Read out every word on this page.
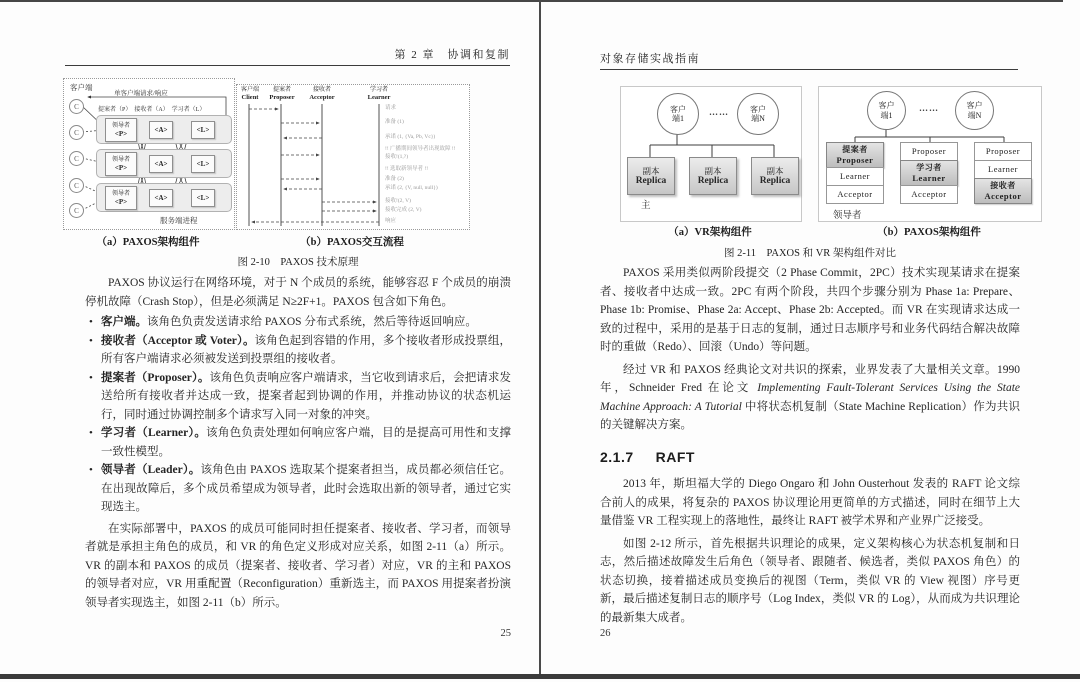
第 2 章　协调和复制
客户端
单客户端请求/响应
提案者（P）　接收者（A）　学习者（L）
C
C
C
C
C
领导者
<P>	<A>	<L>
领导者
<P>	<A>	<L>
领导者
<P>	<A>	<L>
服务端进程
客户端
Client
提案者
Proposer
接收者
Acceptor
学习者
Learner
请求
准备 (1)
承诺 (1, {Va, Pb, Vc})
!! 广播期间领导者出现故障 !!
接收!(1,?)
!! 选取新领导者 !!
准备 (2)
承诺 (2, {V, null, null})
接收!(2, V)
接收完成 (2, V)
响应
（a）PAXOS架构组件	（b）PAXOS交互流程
图 2-10　PAXOS 技术原理

PAXOS 协议运行在网络环境，对于 N 个成员的系统，能够容忍 F 个成员的崩溃停机故障（Crash Stop），但是必须满足 N≥2F+1。PAXOS 包含如下角色。

• 客户端。该角色负责发送请求给 PAXOS 分布式系统，然后等待返回响应。
• 接收者（Acceptor 或 Voter）。该角色起到容错的作用，多个接收者形成投票组，所有客户端请求必须被发送到投票组的接收者。
• 提案者（Proposer）。该角色负责响应客户端请求，当它收到请求后，会把请求发送给所有接收者并达成一致，提案者起到协调的作用，并推动协议的状态机运行，同时通过协调控制多个请求写入同一对象的冲突。
• 学习者（Learner）。该角色负责处理如何响应客户端，目的是提高可用性和支撑一致性模型。
• 领导者（Leader）。该角色由 PAXOS 选取某个提案者担当，成员都必须信任它。在出现故障后，多个成员希望成为领导者，此时会选取出新的领导者，通过它实现选主。

在实际部署中，PAXOS 的成员可能同时担任提案者、接收者、学习者，而领导者就是承担主角色的成员，和 VR 的角色定义形成对应关系，如图 2-11（a）所示。VR 的副本和 PAXOS 的成员（提案者、接收者、学习者）对应，VR 的主和 PAXOS 的领导者对应，VR 用重配置（Reconfiguration）重新选主，而 PAXOS 用提案者扮演领导者实现选主，如图 2-11（b）所示。

25
对象存储实战指南
客户
端1
……	客户
端N
副本
Replica
副本
Replica
副本
Replica
主
客户
端1
……	客户
端N
提案者
Proposer
Learner
Acceptor
Proposer
学习者
Learner
Acceptor
Proposer
Learner
接收者
Acceptor
领导者
（a）VR架构组件	（b）PAXOS架构组件
图 2-11　PAXOS 和 VR 架构组件对比

PAXOS 采用类似两阶段提交（2 Phase Commit，2PC）技术实现某请求在提案者、接收者中达成一致。2PC 有两个阶段，共四个步骤分别为 Phase 1a: Prepare、Phase 1b: Promise、Phase 2a: Accept、Phase 2b: Accepted。而 VR 在实现请求达成一致的过程中，采用的是基于日志的复制，通过日志顺序号和业务代码结合解决故障时的重做（Redo）、回滚（Undo）等问题。

经过 VR 和 PAXOS 经典论文对共识的探索，业界发表了大量相关文章。1990 年，Schneider Fred 在论文 Implementing Fault-Tolerant Services Using the State Machine Approach: A Tutorial 中将状态机复制（State Machine Replication）作为共识的关键解决方案。

2.1.7 RAFT

2013 年，斯坦福大学的 Diego Ongaro 和 John Ousterhout 发表的 RAFT 论文综合前人的成果，将复杂的 PAXOS 协议理论用更简单的方式描述，同时在细节上大量借鉴 VR 工程实现上的落地性，最终让 RAFT 被学术界和产业界广泛接受。

如图 2-12 所示，首先根据共识理论的成果，定义架构核心为状态机复制和日志，然后描述故障发生后角色（领导者、跟随者、候选者，类似 PAXOS 角色）的状态切换，接着描述成员变换后的视图（Term，类似 VR 的 View 视图）序号更新，最后描述复制日志的顺序号（Log Index，类似 VR 的 Log），从而成为共识理论的最新集大成者。

26
